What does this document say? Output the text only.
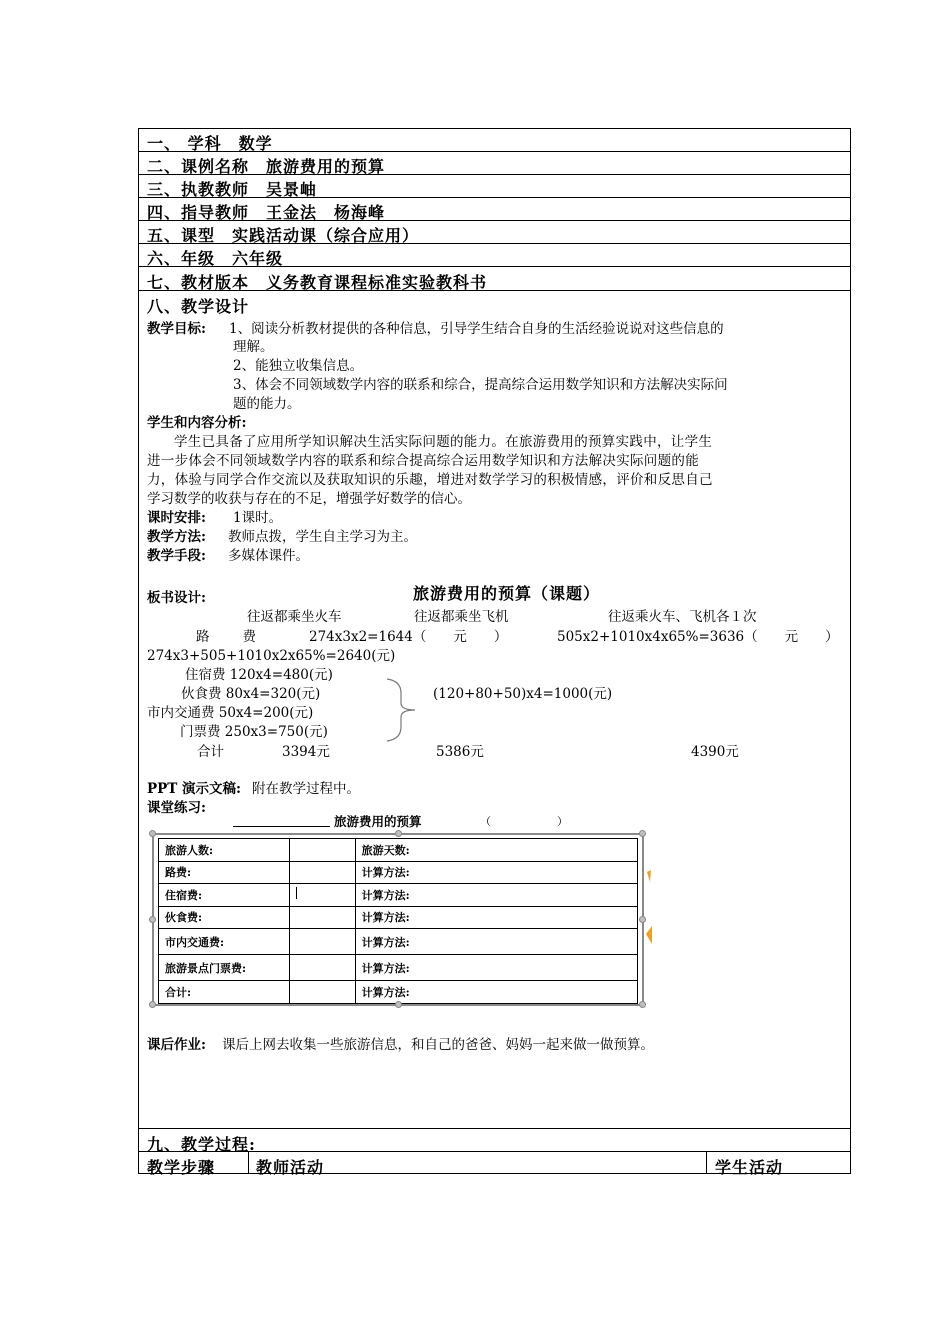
一、 学科　数学
二、课例名称　旅游费用的预算
三、执教教师　吴景岫
四、指导教师　王金法　杨海峰
五、课型　实践活动课（综合应用）
六、年级　六年级
七、教材版本　义务教育课程标准实验教科书
八、教学设计
教学目标: 1、阅读分析教材提供的各种信息，引导学生结合自身的生活经验说说对这些信息的
理解。
2、能独立收集信息。
3、体会不同领域数学内容的联系和综合，提高综合运用数学知识和方法解决实际问
题的能力。
学生和内容分析:
学生已具备了应用所学知识解决生活实际问题的能力。在旅游费用的预算实践中，让学生
进一步体会不同领域数学内容的联系和综合提高综合运用数学知识和方法解决实际问题的能
力，体验与同学合作交流以及获取知识的乐趣，增进对数学学习的积极情感，评价和反思自己
学习数学的收获与存在的不足，增强学好数学的信心。
课时安排: 1课时。
教学方法: 教师点拨，学生自主学习为主。
教学手段: 多媒体课件。
板书设计:	旅游费用的预算（课题）
往返都乘坐火车	往返都乘坐飞机	往返乘火车、飞机各１次
路　　费	274x3x2=1644（　　元　　）	505x2+1010x4x65%=3636（　　元　　）
274x3+505+1010x2x65%=2640(元)
住宿费 120x4=480(元)
伙食费 80x4=320(元)
市内交通费 50x4=200(元)
门票费 250x3=750(元)
(120+80+50)x4=1000(元)
合计	3394元	5386元	4390元
PPT 演示文稿: 附在教学过程中。
课堂练习:
旅游费用的预算	（　　　　　　）
旅游人数:		旅游天数:
路费:		计算方法:
住宿费:		计算方法:
伙食费:		计算方法:
市内交通费:		计算方法:
旅游景点门票费:		计算方法:
合计:		计算方法:
课后作业: 课后上网去收集一些旅游信息，和自己的爸爸、妈妈一起来做一做预算。
九、教学过程:
教学步骤	教师活动	学生活动
